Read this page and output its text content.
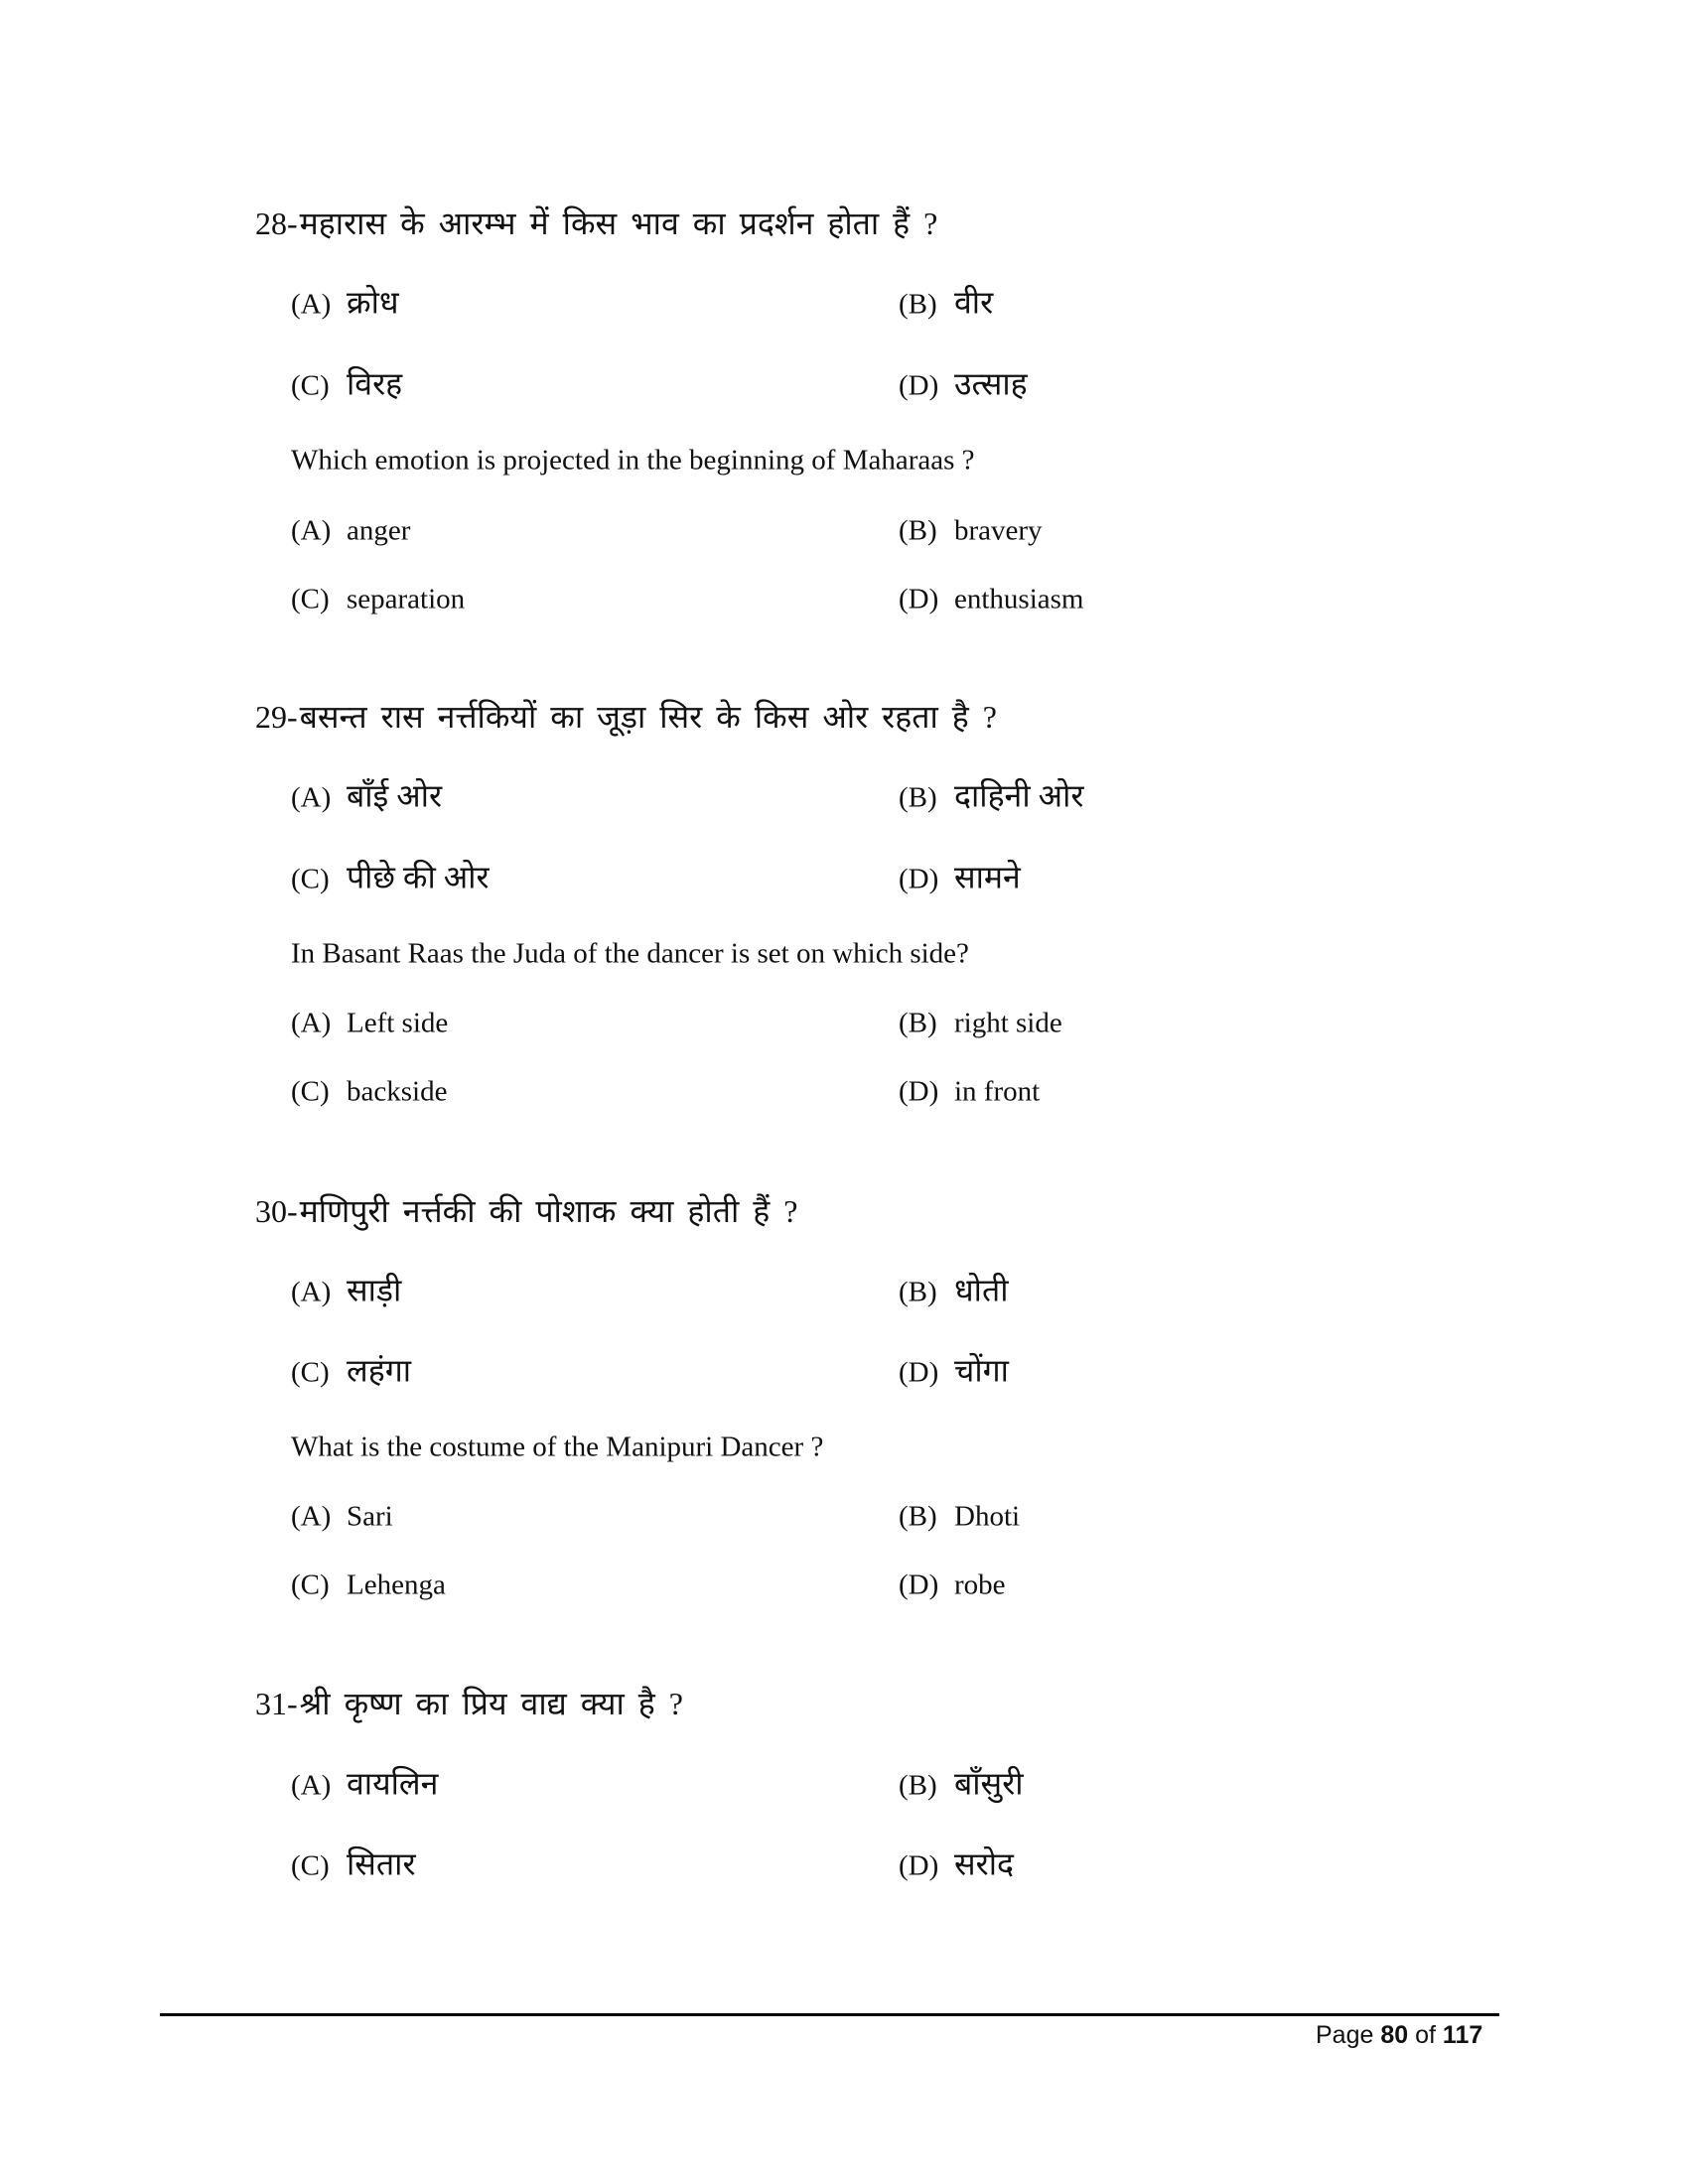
28-महारास के आरम्भ में किस भाव का प्रदर्शन होता हैं ?
(A) क्रोध	(B) वीर
(C) विरह	(D) उत्साह
Which emotion is projected in the beginning of Maharaas ?
(A) anger	(B) bravery
(C) separation	(D) enthusiasm
29-बसन्त रास नर्त्तकियों का जूड़ा सिर के किस ओर रहता है ?
(A) बाँई ओर	(B) दाहिनी ओर
(C) पीछे की ओर	(D) सामने
In Basant Raas the Juda of the dancer is set on which side?
(A) Left side	(B) right side
(C) backside	(D) in front
30-मणिपुरी नर्त्तकी की पोशाक क्या होती हैं ?
(A) साड़ी	(B) धोती
(C) लहंगा	(D) चोंगा
What is the costume of the Manipuri Dancer ?
(A) Sari	(B) Dhoti
(C) Lehenga	(D) robe
31-श्री कृष्ण का प्रिय वाद्य क्या है ?
(A) वायलिन	(B) बाँसुरी
(C) सितार	(D) सरोद
Page 80 of 117
